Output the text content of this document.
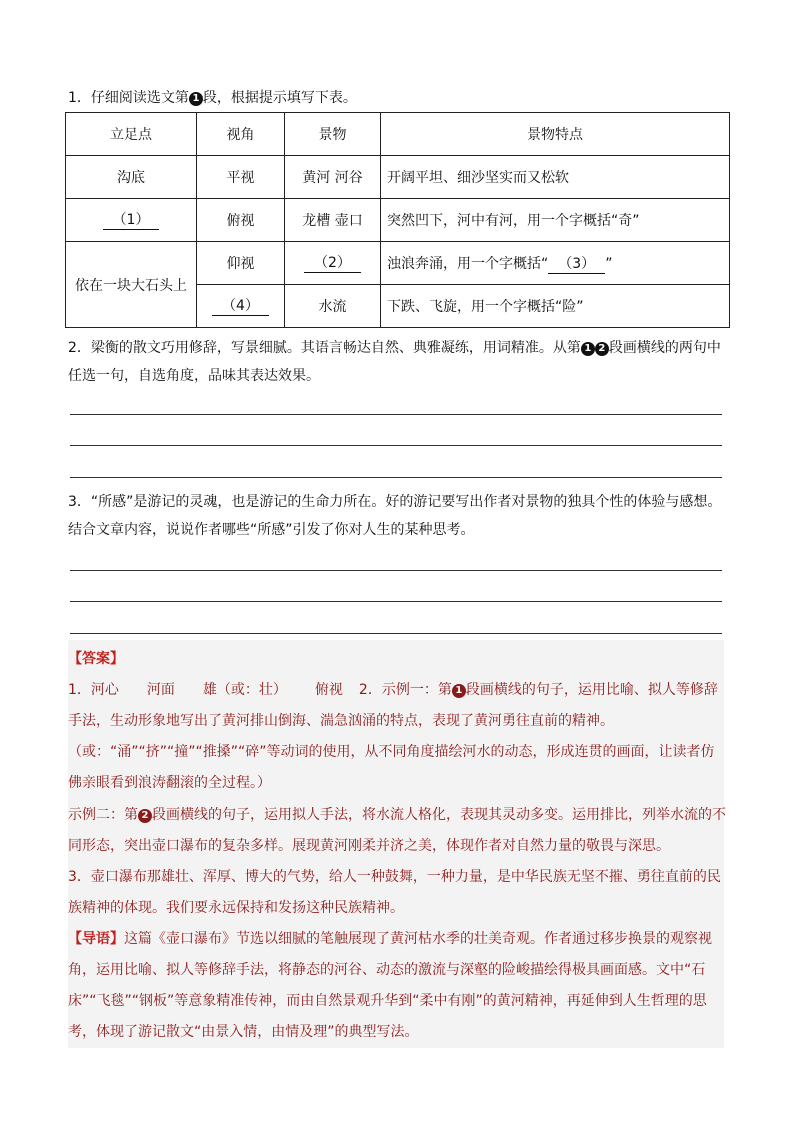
1．仔细阅读选文第 1 段，根据提示填写下表。
立足点	视角	景物	景物特点
沟底	平视	黄河 河谷	开阔平坦、细沙坚实而又松软
（1）	俯视	龙槽 壶口	突然凹下，河中有河，用一个字概括“奇”
依在一块大石头上	仰视	（2）	浊浪奔涌，用一个字概括“ （3） ”
	（4）	水流	下跌、飞旋，用一个字概括“险”
2．梁衡的散文巧用修辞，写景细腻。其语言畅达自然、典雅凝练，用词精准。从第 1 2 段画横线的两句中任选一句，自选角度，品味其表达效果。
3．“所感”是游记的灵魂，也是游记的生命力所在。好的游记要写出作者对景物的独具个性的体验与感想。结合文章内容，说说作者哪些“所感”引发了你对人生的某种思考。
【答案】
1．河心 河面 雄（或：壮） 俯视 2．示例一：第 1 段画横线的句子，运用比喻、拟人等修辞手法，生动形象地写出了黄河排山倒海、湍急汹涌的特点，表现了黄河勇往直前的精神。（或：“涌”“挤”“撞”“推搡”“碎”等动词的使用，从不同角度描绘河水的动态，形成连贯的画面，让读者仿佛亲眼看到浪涛翻滚的全过程。）
示例二：第 2 段画横线的句子，运用拟人手法，将水流人格化，表现其灵动多变。运用排比，列举水流的不同形态，突出壶口瀑布的复杂多样。展现黄河刚柔并济之美，体现作者对自然力量的敬畏与深思。
3．壶口瀑布那雄壮、浑厚、博大的气势，给人一种鼓舞，一种力量，是中华民族无坚不摧、勇往直前的民族精神的体现。我们要永远保持和发扬这种民族精神。
【导语】这篇《壶口瀑布》节选以细腻的笔触展现了黄河枯水季的壮美奇观。作者通过移步换景的观察视角，运用比喻、拟人等修辞手法，将静态的河谷、动态的激流与深壑的险峻描绘得极具画面感。文中“石床”“飞毯”“钢板”等意象精准传神，而由自然景观升华到“柔中有刚”的黄河精神，再延伸到人生哲理的思考，体现了游记散文“由景入情，由情及理”的典型写法。
